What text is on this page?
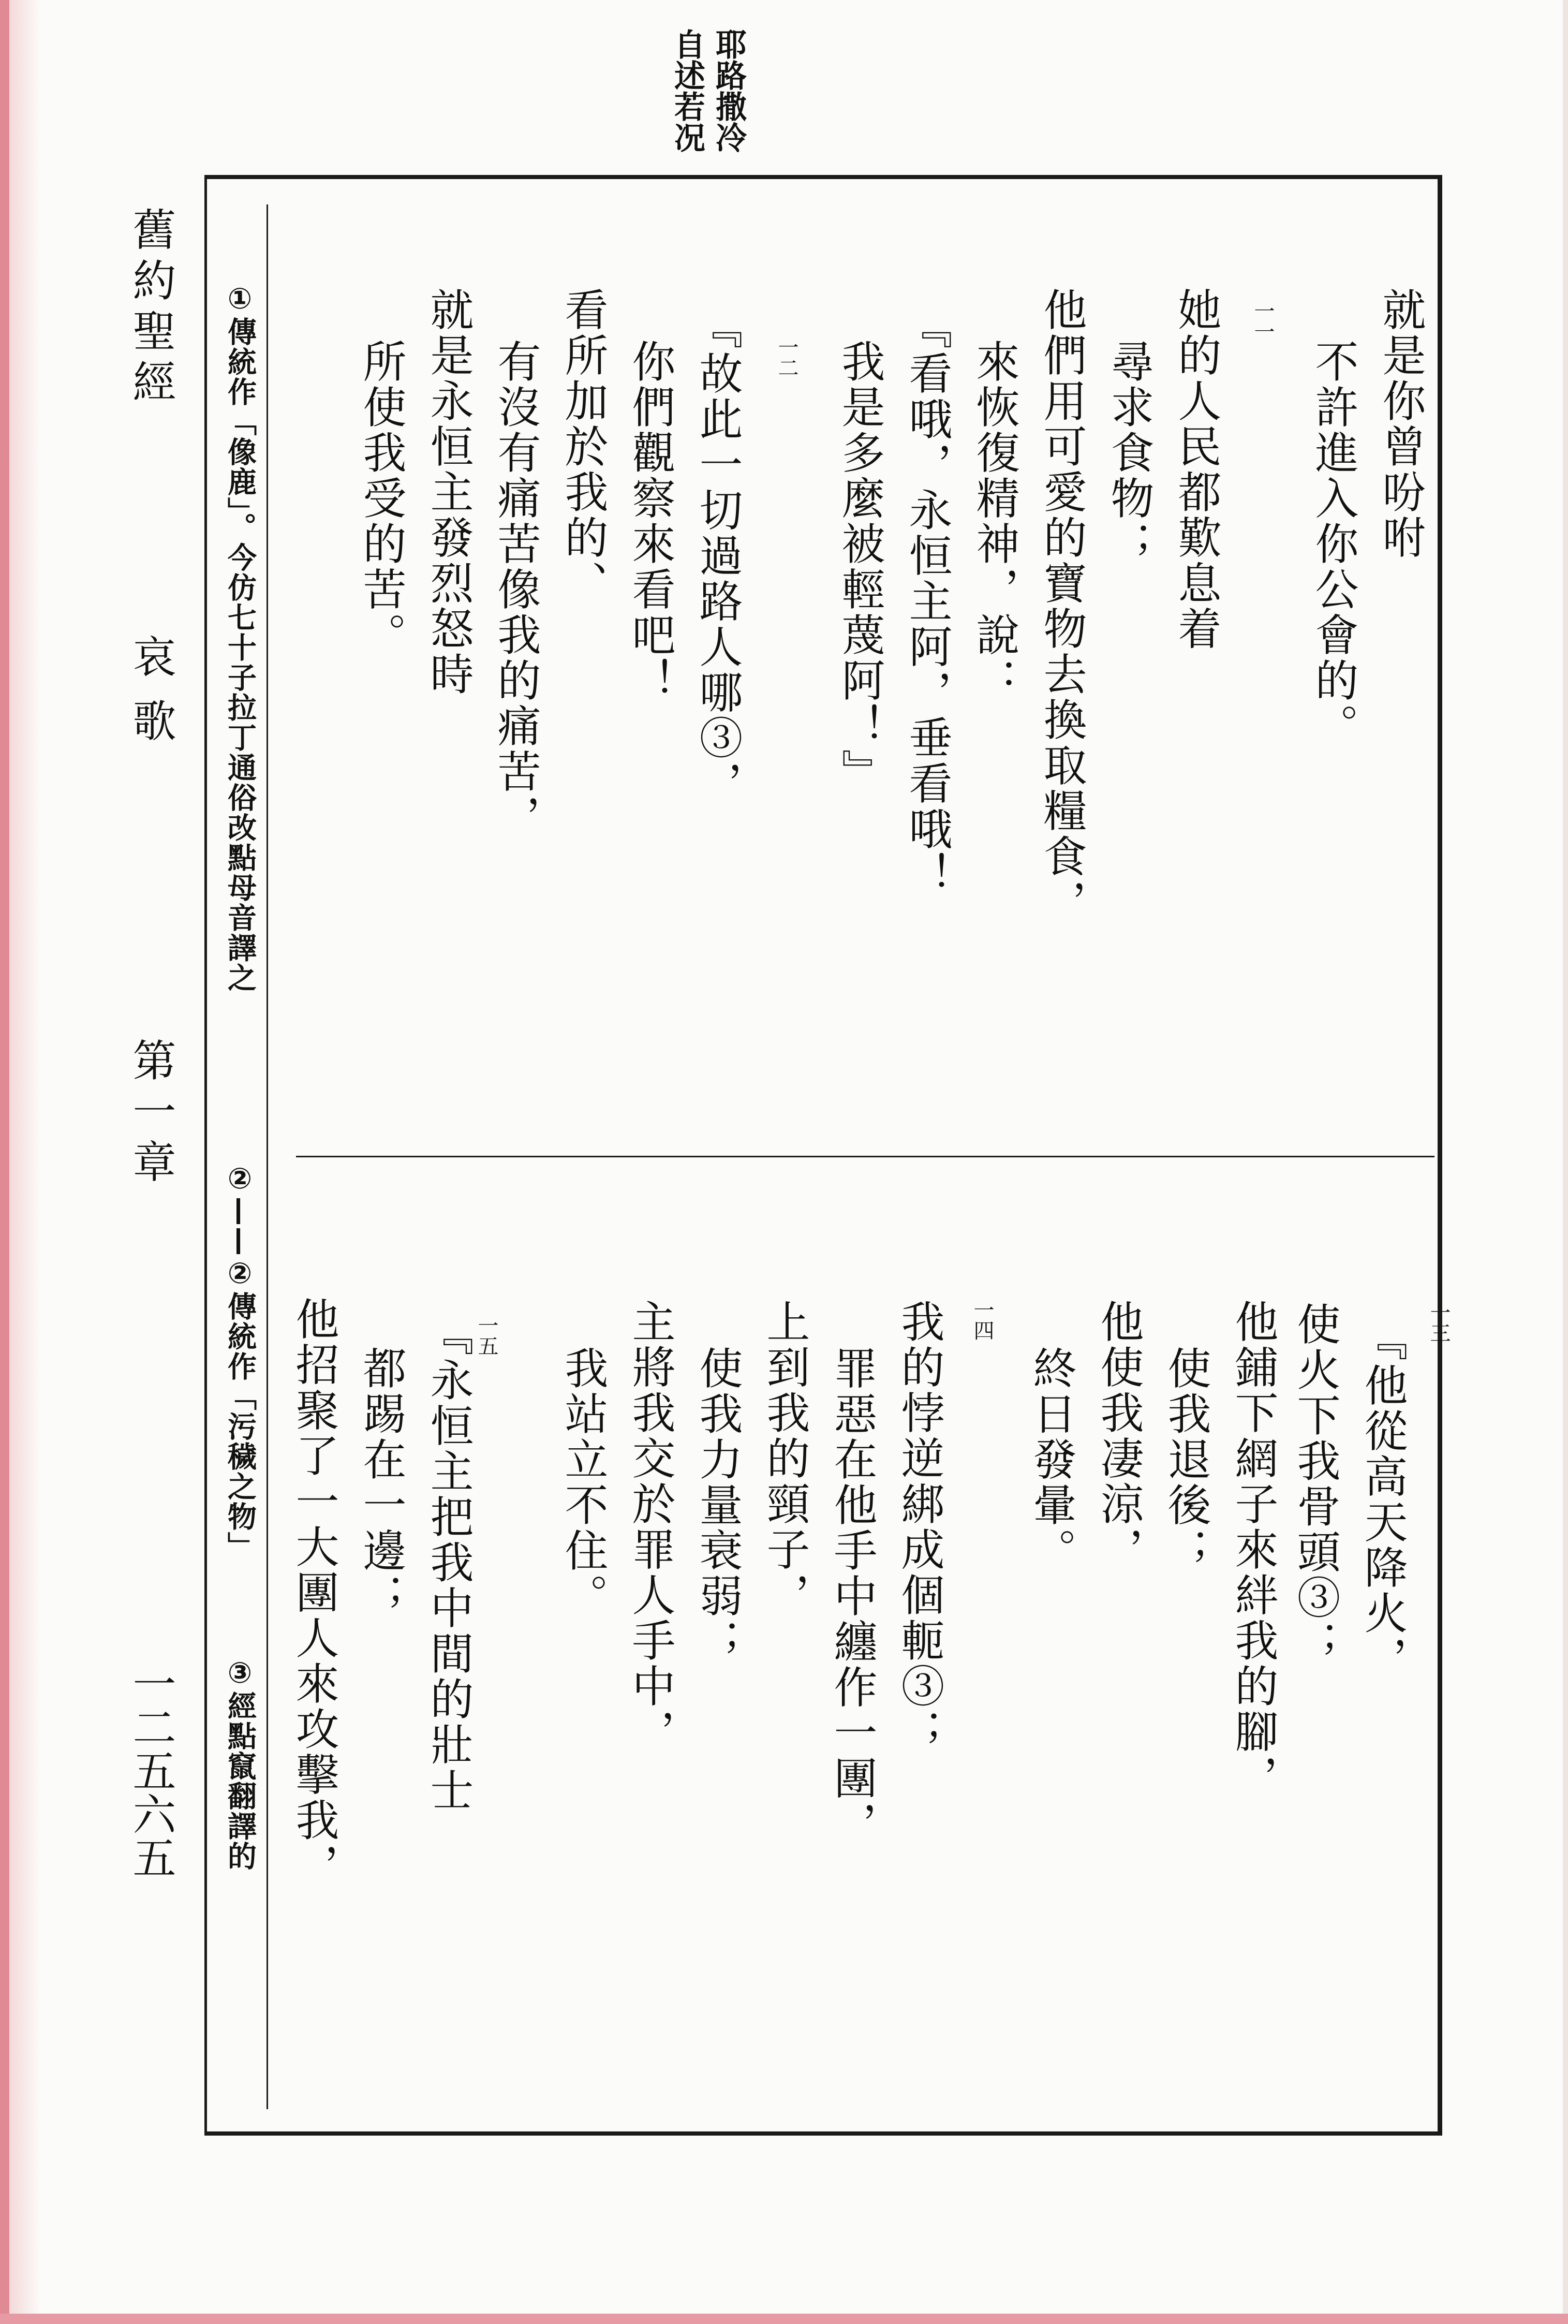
耶路撒冷
自述若况
舊約聖經
哀歌
第一章
一二五六五
①傳統作「像鹿」。今仿七十子拉丁通俗改點母音譯之
②——②傳統作「污穢之物」
③經點竄翻譯的
就是你曾吩咐
不許進入你公會的。
一一
她的人民都歎息着
尋求食物；
他們用可愛的寶物去換取糧食，
來恢復精神，說：
『看哦，永恒主阿，垂看哦！
我是多麼被輕蔑阿！』
一二
『故此一切過路人哪③，
你們觀察來看吧！
看所加於我的、
有沒有痛苦像我的痛苦，
就是永恒主發烈怒時
所使我受的苦。
一三
『他從高天降火，
使火下我骨頭③；
他鋪下網子來絆我的腳，
使我退後；
他使我凄涼，
終日發暈。
一四
我的悖逆綁成個軛③；
罪惡在他手中纏作一團，
上到我的頸子，
使我力量衰弱；
主將我交於罪人手中，
我站立不住。
一五
『永恒主把我中間的壯士
都踢在一邊；
他招聚了一大團人來攻擊我，
